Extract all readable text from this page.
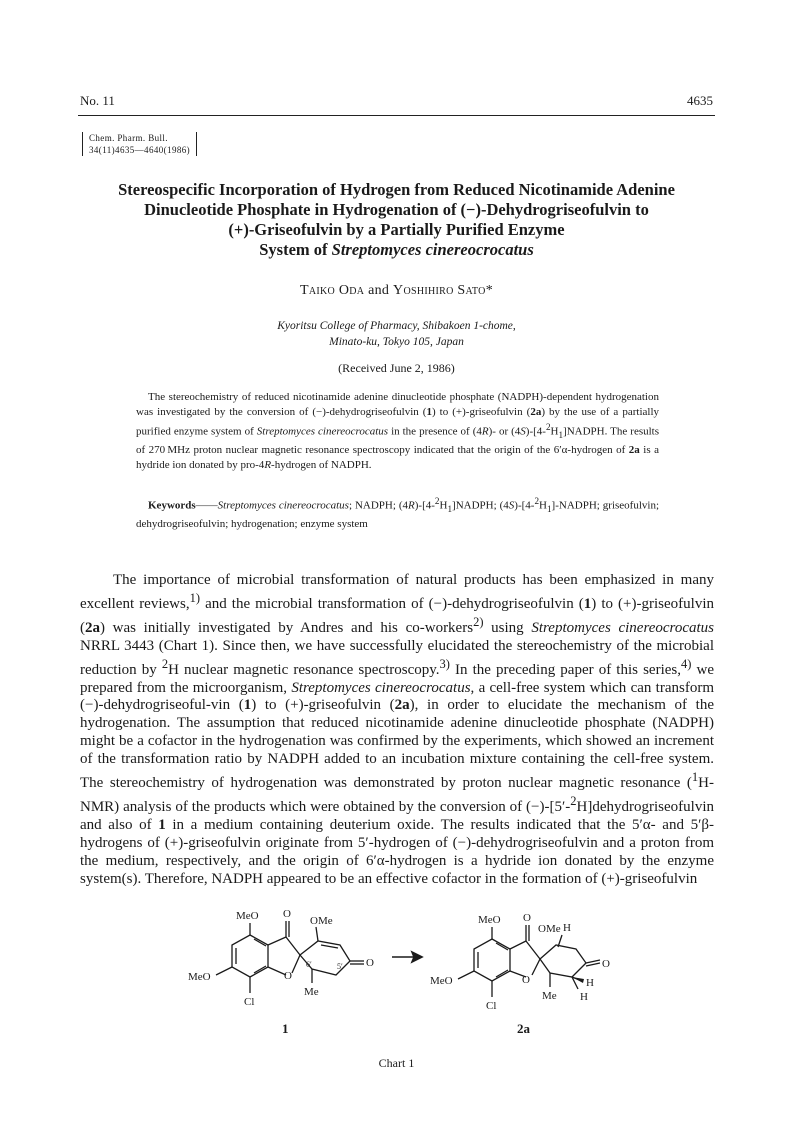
No. 11	4635
Chem. Pharm. Bull.
34(11)4635—4640(1986)
Stereospecific Incorporation of Hydrogen from Reduced Nicotinamide Adenine
Dinucleotide Phosphate in Hydrogenation of (−)-Dehydrogriseofulvin to
(+)-Griseofulvin by a Partially Purified Enzyme
System of Streptomyces cinereocrocatus
Taiko Oda and Yoshihiro Sato*
Kyoritsu College of Pharmacy, Shibakoen 1-chome,
Minato-ku, Tokyo 105, Japan
(Received June 2, 1986)
The stereochemistry of reduced nicotinamide adenine dinucleotide phosphate (NADPH)-dependent hydrogenation was investigated by the conversion of (−)-dehydrogriseofulvin (1) to (+)-griseofulvin (2a) by the use of a partially purified enzyme system of Streptomyces cinereocrocatus in the presence of (4R)- or $(4S)-[4-^2H_1]NADPH$. The results of 270 MHz proton nuclear magnetic resonance spectroscopy indicated that the origin of the 6′α-hydrogen of 2a is a hydride ion donated by pro-4R-hydrogen of NADPH.
Keywords——Streptomyces cinereocrocatus; NADPH; $(4R)-[4-^2H_1]NADPH$; $(4S)-[4-^2H_1]$-NADPH; griseofulvin; dehydrogriseofulvin; hydrogenation; enzyme system
The importance of microbial transformation of natural products has been emphasized in many excellent reviews,$^{1)}$ and the microbial transformation of (−)-dehydrogriseofulvin (1) to (+)-griseofulvin (2a) was initially investigated by Andres and his co-workers$^{2)}$ using Streptomyces cinereocrocatus NRRL 3443 (Chart 1). Since then, we have successfully elucidated the stereochemistry of the microbial reduction by $^2$H nuclear magnetic resonance spectroscopy.$^{3)}$ In the preceding paper of this series,$^{4)}$ we prepared from the microorganism, Streptomyces cinereocrocatus, a cell-free system which can transform (−)-dehydrogriseoful-vin (1) to (+)-griseofulvin (2a), in order to elucidate the mechanism of the hydrogenation. The assumption that reduced nicotinamide adenine dinucleotide phosphate (NADPH) might be a cofactor in the hydrogenation was confirmed by the experiments, which showed an increment of the transformation ratio by NADPH added to an incubation mixture containing the cell-free system. The stereochemistry of hydrogenation was demonstrated by proton nuclear magnetic resonance ($^1$H-NMR) analysis of the products which were obtained by the conversion of (−)-[5′-$^2$H]dehydrogriseofulvin and also of 1 in a medium containing deuterium oxide. The results indicated that the 5′α- and 5′β-hydrogens of (+)-griseofulvin originate from 5′-hydrogen of (−)-dehydrogriseofulvin and a proton from the medium, respectively, and the origin of 6′α-hydrogen is a hydride ion donated by the enzyme system(s). Therefore, NADPH appeared to be an effective cofactor in the formation of (+)-griseofulvin
MeO O
OMe
O
MeO	O
6′	5′
Me
Cl
1
MeO O
OMe H
O
MeO	O	H
H
Me
Cl
2a
Chart 1
